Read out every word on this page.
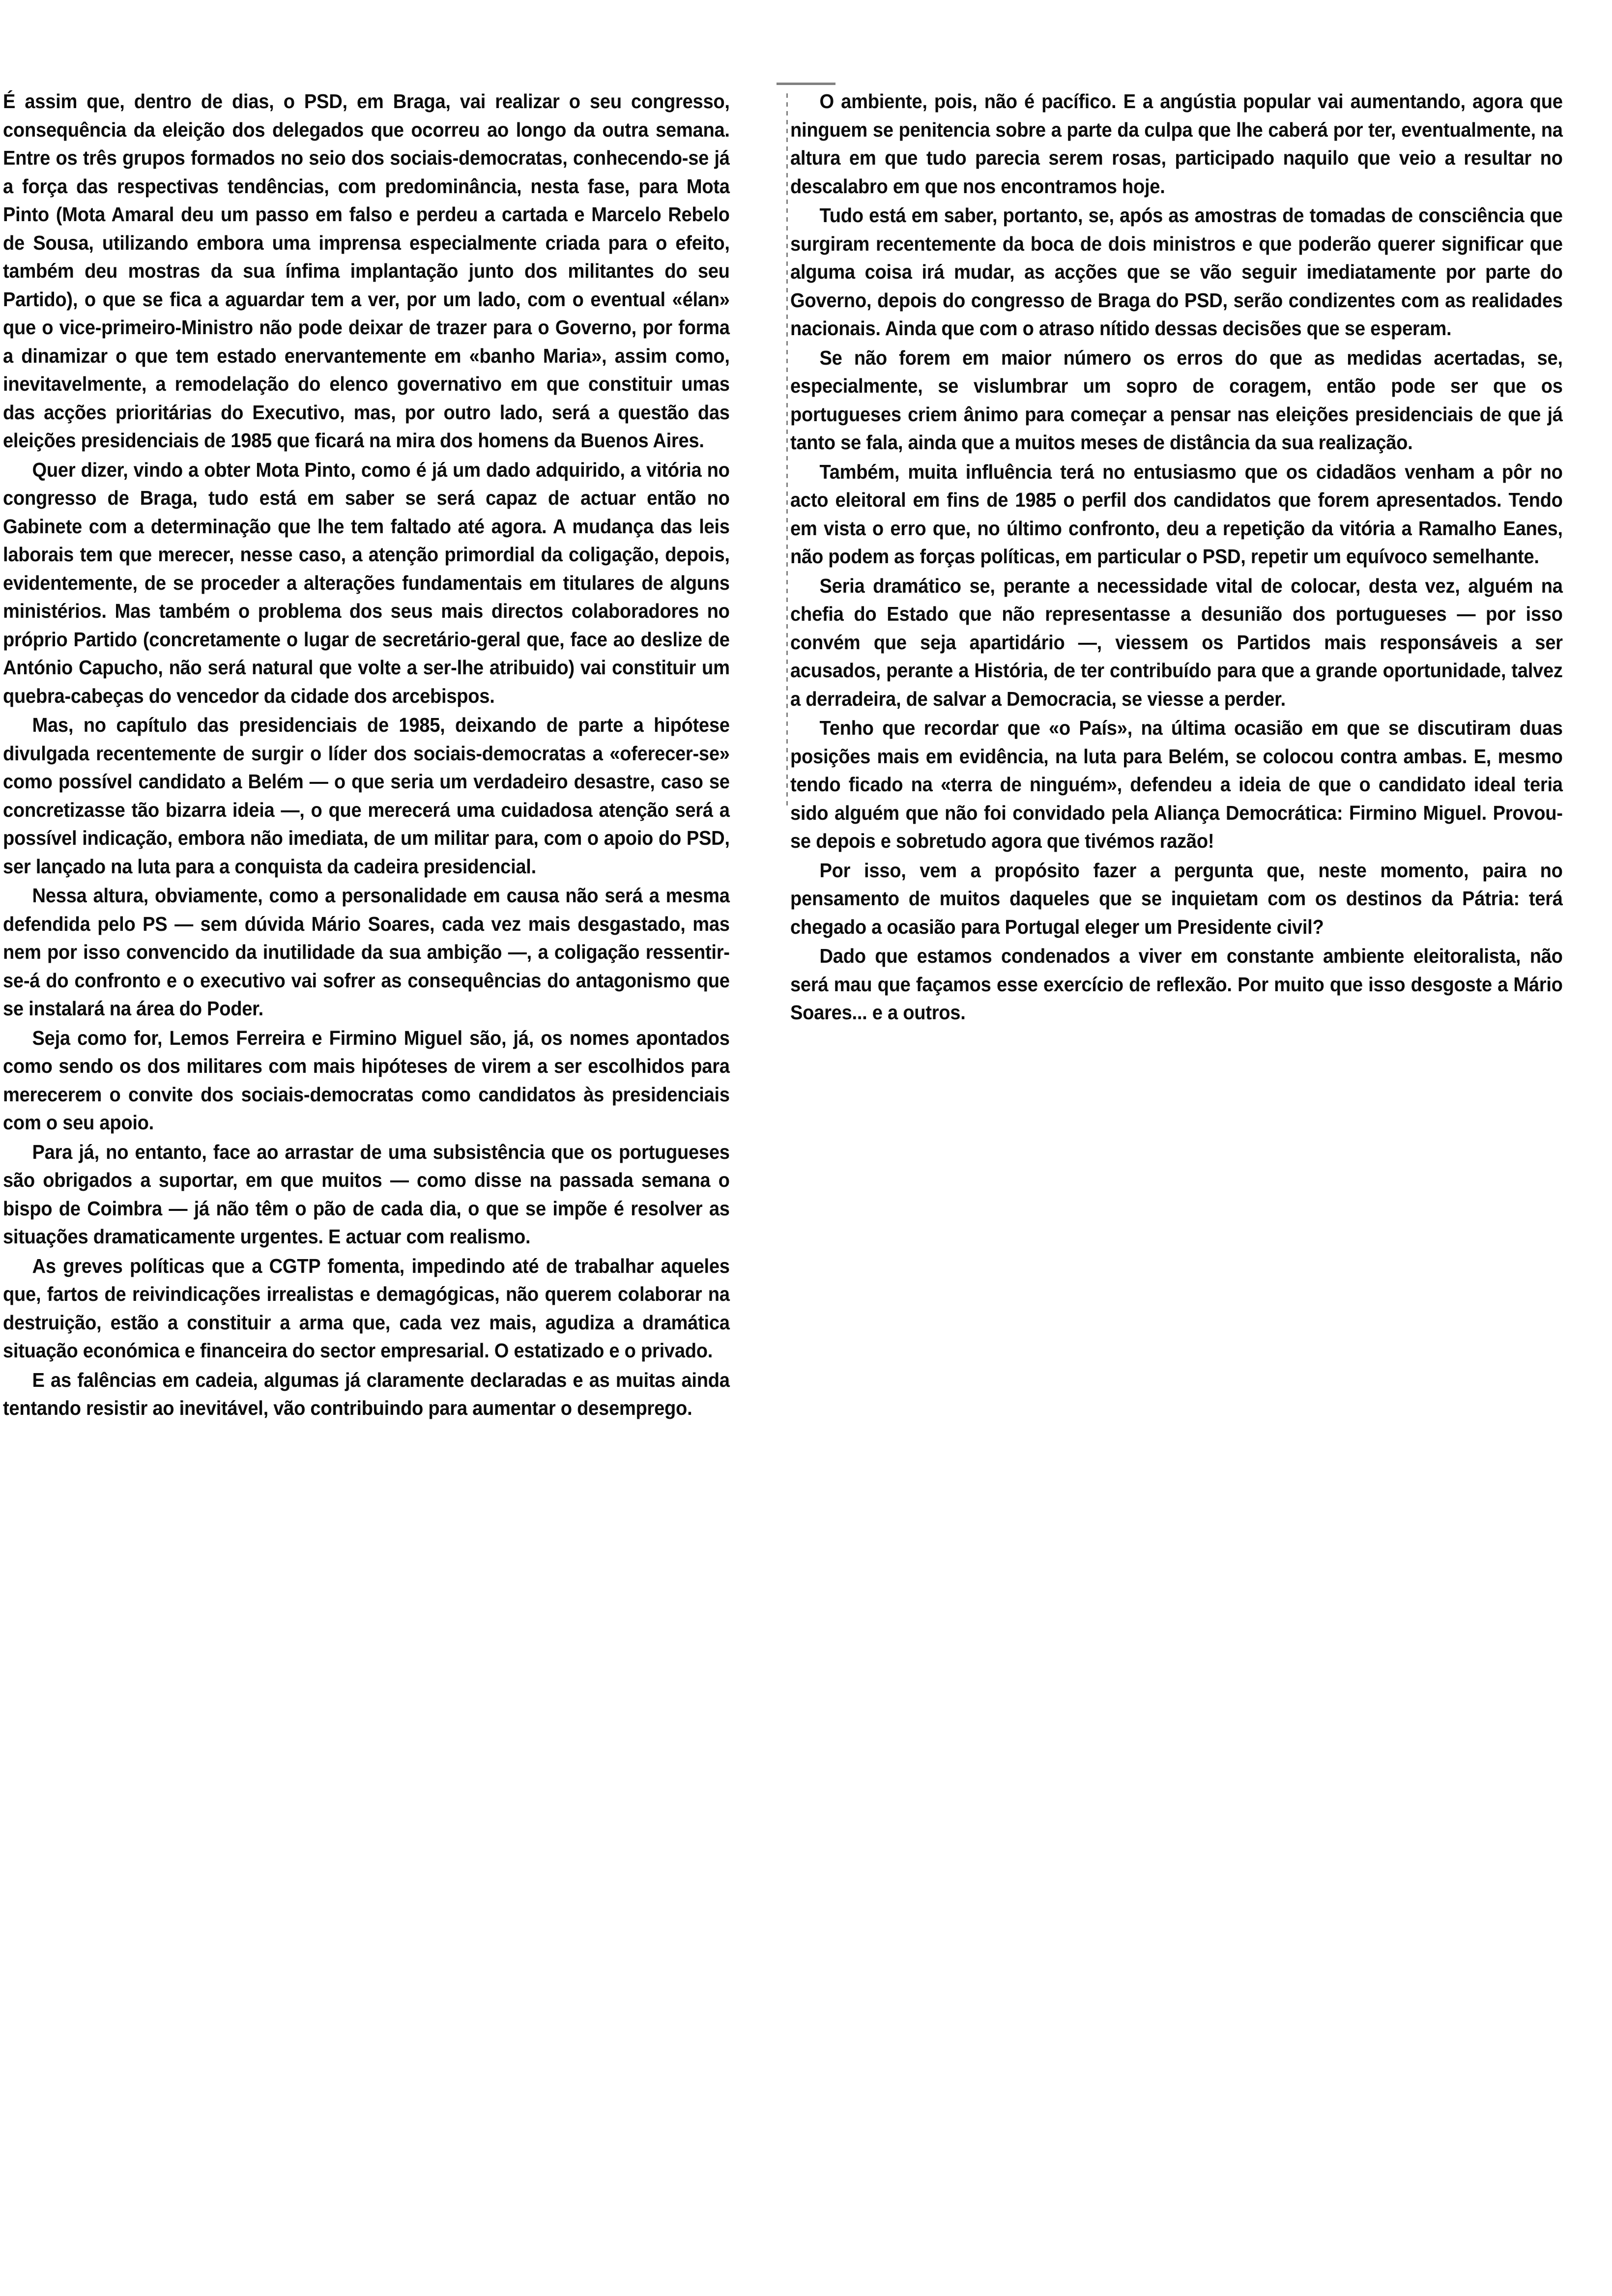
É assim que, dentro de dias, o PSD, em Braga, vai realizar o seu congresso, consequência da eleição dos delegados que ocorreu ao longo da outra semana. Entre os três grupos formados no seio dos sociais-democratas, conhecendo-se já a força das respectivas tendências, com predominância, nesta fase, para Mota Pinto (Mota Amaral deu um passo em falso e perdeu a cartada e Marcelo Rebelo de Sousa, utilizando embora uma imprensa especialmente criada para o efeito, também deu mostras da sua ínfima implantação junto dos militantes do seu Partido), o que se fica a aguardar tem a ver, por um lado, com o eventual «élan» que o vice-primeiro-Ministro não pode deixar de trazer para o Governo, por forma a dinamizar o que tem estado enervantemente em «banho Maria», assim como, inevitavelmente, a remodelação do elenco governativo em que constituir umas das acções prioritárias do Executivo, mas, por outro lado, será a questão das eleições presidenciais de 1985 que ficará na mira dos homens da Buenos Aires.

Quer dizer, vindo a obter Mota Pinto, como é já um dado adquirido, a vitória no congresso de Braga, tudo está em saber se será capaz de actuar então no Gabinete com a determinação que lhe tem faltado até agora. A mudança das leis laborais tem que merecer, nesse caso, a atenção primordial da coligação, depois, evidentemente, de se proceder a alterações fundamentais em titulares de alguns ministérios. Mas também o problema dos seus mais directos colaboradores no próprio Partido (concretamente o lugar de secretário-geral que, face ao deslize de António Capucho, não será natural que volte a ser-lhe atribuido) vai constituir um quebra-cabeças do vencedor da cidade dos arcebispos.

Mas, no capítulo das presidenciais de 1985, deixando de parte a hipótese divulgada recentemente de surgir o líder dos sociais-democratas a «oferecer-se» como possível candidato a Belém — o que seria um verdadeiro desastre, caso se concretizasse tão bizarra ideia —, o que merecerá uma cuidadosa atenção será a possível indicação, embora não imediata, de um militar para, com o apoio do PSD, ser lançado na luta para a conquista da cadeira presidencial.

Nessa altura, obviamente, como a personalidade em causa não será a mesma defendida pelo PS — sem dúvida Mário Soares, cada vez mais desgastado, mas nem por isso convencido da inutilidade da sua ambição —, a coligação ressentir-se-á do confronto e o executivo vai sofrer as consequências do antagonismo que se instalará na área do Poder.

Seja como for, Lemos Ferreira e Firmino Miguel são, já, os nomes apontados como sendo os dos militares com mais hipóteses de virem a ser escolhidos para merecerem o convite dos sociais-democratas como candidatos às presidenciais com o seu apoio.

Para já, no entanto, face ao arrastar de uma subsistência que os portugueses são obrigados a suportar, em que muitos — como disse na passada semana o bispo de Coimbra — já não têm o pão de cada dia, o que se impõe é resolver as situações dramaticamente urgentes. E actuar com realismo.

As greves políticas que a CGTP fomenta, impedindo até de trabalhar aqueles que, fartos de reivindicações irrealistas e demagógicas, não querem colaborar na destruição, estão a constituir a arma que, cada vez mais, agudiza a dramática situação económica e financeira do sector empresarial. O estatizado e o privado.

E as falências em cadeia, algumas já claramente declaradas e as muitas ainda tentando resistir ao inevitável, vão contribuindo para aumentar o desemprego.

O ambiente, pois, não é pacífico. E a angústia popular vai aumentando, agora que ninguem se penitencia sobre a parte da culpa que lhe caberá por ter, eventualmente, na altura em que tudo parecia serem rosas, participado naquilo que veio a resultar no descalabro em que nos encontramos hoje.

Tudo está em saber, portanto, se, após as amostras de tomadas de consciência que surgiram recentemente da boca de dois ministros e que poderão querer significar que alguma coisa irá mudar, as acções que se vão seguir imediatamente por parte do Governo, depois do congresso de Braga do PSD, serão condizentes com as realidades nacionais. Ainda que com o atraso nítido dessas decisões que se esperam.

Se não forem em maior número os erros do que as medidas acertadas, se, especialmente, se vislumbrar um sopro de coragem, então pode ser que os portugueses criem ânimo para começar a pensar nas eleições presidenciais de que já tanto se fala, ainda que a muitos meses de distância da sua realização.

Também, muita influência terá no entusiasmo que os cidadãos venham a pôr no acto eleitoral em fins de 1985 o perfil dos candidatos que forem apresentados. Tendo em vista o erro que, no último confronto, deu a repetição da vitória a Ramalho Eanes, não podem as forças políticas, em particular o PSD, repetir um equívoco semelhante.

Seria dramático se, perante a necessidade vital de colocar, desta vez, alguém na chefia do Estado que não representasse a desunião dos portugueses — por isso convém que seja apartidário —, viessem os Partidos mais responsáveis a ser acusados, perante a História, de ter contribuído para que a grande oportunidade, talvez a derradeira, de salvar a Democracia, se viesse a perder.

Tenho que recordar que «o País», na última ocasião em que se discutiram duas posições mais em evidência, na luta para Belém, se colocou contra ambas. E, mesmo tendo ficado na «terra de ninguém», defendeu a ideia de que o candidato ideal teria sido alguém que não foi convidado pela Aliança Democrática: Firmino Miguel. Provou-se depois e sobretudo agora que tivémos razão!

Por isso, vem a propósito fazer a pergunta que, neste momento, paira no pensamento de muitos daqueles que se inquietam com os destinos da Pátria: terá chegado a ocasião para Portugal eleger um Presidente civil?

Dado que estamos condenados a viver em constante ambiente eleitoralista, não será mau que façamos esse exercício de reflexão. Por muito que isso desgoste a Mário Soares... e a outros.
